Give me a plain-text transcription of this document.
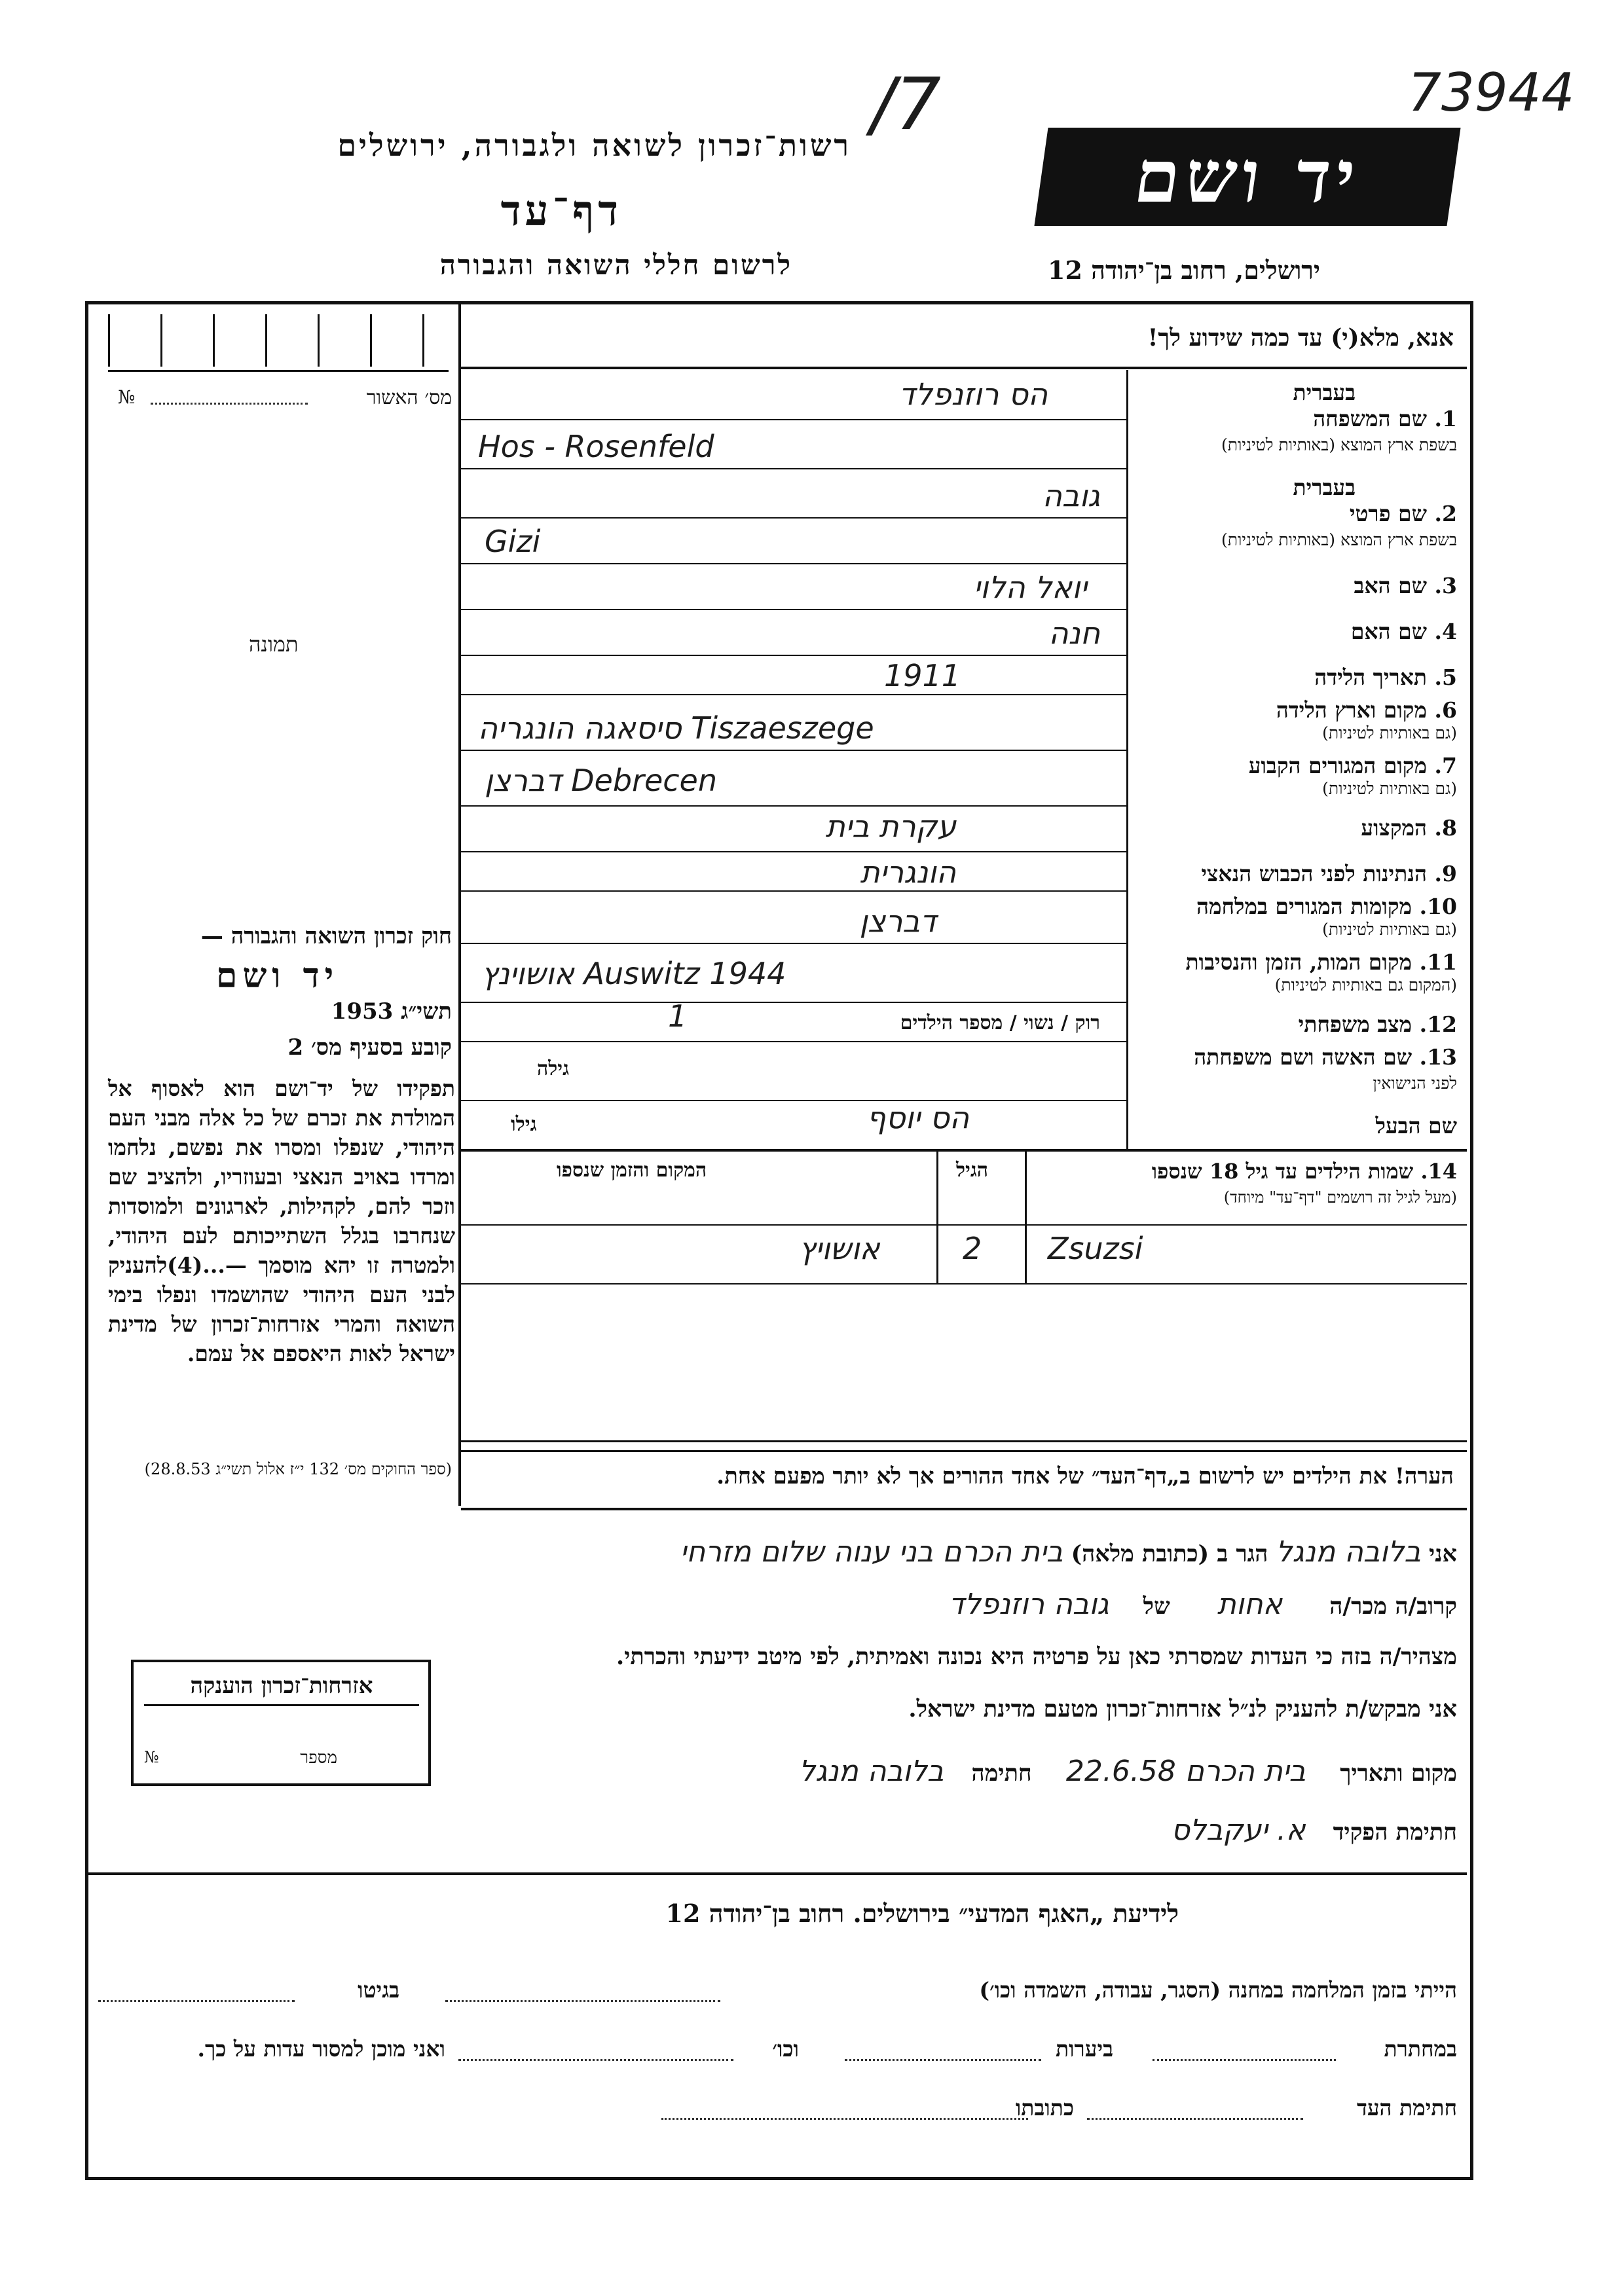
73944
/7
רשות־זכרון לשואה ולגבורה, ירושלים
דף־עד
לרשום חללי השואה והגבורה
יד ושם
ירושלים, רחוב בן־יהודה 12
מס׳ האשור
№
תמונה
חוק זכרון השואה והגבורה —
יד ושם
תשי״ג 1953
קובע בסעיף מס׳ 2
תפקידו של יד־ושם הוא לאסוף אל המולדת את זכרם של כל אלה מבני העם היהודי, שנפלו ומסרו את נפשם, נלחמו ומרדו באויב הנאצי ובעוזריו, ולהציב שם וזכר להם, לקהילות, לארגונים ולמוסדות שנחרבו בגלל השתייכותם לעם היהודי, ולמטרה זו יהא מוסמך —...(4)להעניק לבני העם היהודי שהושמדו ונפלו בימי השואה והמרי אזרחות־זכרון של מדינת ישראל לאות היאספם אל עמם.
(ספר החוקים מס׳ 132 י״ז אלול תשי״ג 28.8.53)
אזרחות־זכרון הוענקה
מספר
№
אנא, מלא(י) עד כמה שידוע לך!
בעברית
1. שם המשפחה
בשפת ארץ המוצא (באותיות לטיניות)
הס רוזנפלד
Hos - Rosenfeld
בעברית
2. שם פרטי
בשפת ארץ המוצא (באותיות לטיניות)
גובה
Gizi
3. שם האב
יואל הלוי
4. שם האם
חנה
5. תאריך הלידה
1911
6. מקום וארץ הלידה
(גם באותיות לטיניות)
Tiszaeszege סיסאגה הונגריה
7. מקום המגורים הקבוע
(גם באותיות לטיניות)
Debrecen דברצן
8. המקצוע
עקרת בית
9. הנתינות לפני הכבוש הנאצי
הונגרית
10. מקומות המגורים במלחמה
(גם באותיות לטיניות)
דברצן
11. מקום המות, הזמן והנסיבות
(המקום גם באותיות לטיניות)
Auswitz 1944 אושוינץ
12. מצב משפחתי
רוק / נשוי / מספר הילדים
1
13. שם האשה ושם משפחתה
לפני הנישואין
גילה
שם הבעל
הס יוסף
גילו
14. שמות הילדים עד גיל 18 שנספו
(מעל לגיל זה רושמים "דף־עד" מיוחד)
הגיל
המקום והזמן שנספו
Zsuzsi
2
אושויץ
הערה! את הילדים יש לרשום ב„דף־העד״ של אחד ההורים אך לא יותר מפעם אחת.
אני בלובה מנגל הגר ב (כתובת מלאה) בית הכרם בני ענוה שלום מזרחי
קרוב/ה מכר/ה אחות של גובה רוזנפלד
מצהיר/ה בזה כי העדות שמסרתי כאן על פרטיה היא נכונה ואמיתית, לפי מיטב ידיעתי והכרתי.
אני מבקש/ת להעניק לנ״ל אזרחות־זכרון מטעם מדינת ישראל.
מקום ותאריך בית הכרם 22.6.58 חתימה בלובה מנגל
חתימת הפקיד א. יעקבלס
לידיעת „האגף המדעי״ בירושלים. רחוב בן־יהודה 12
הייתי בזמן המלחמה במחנה (הסגר, עבודה, השמדה וכו׳)
בגיטו
במחתרת
ביערות
וכו׳
ואני מוכן למסור עדות על כך.
חתימת העד
כתובתו
